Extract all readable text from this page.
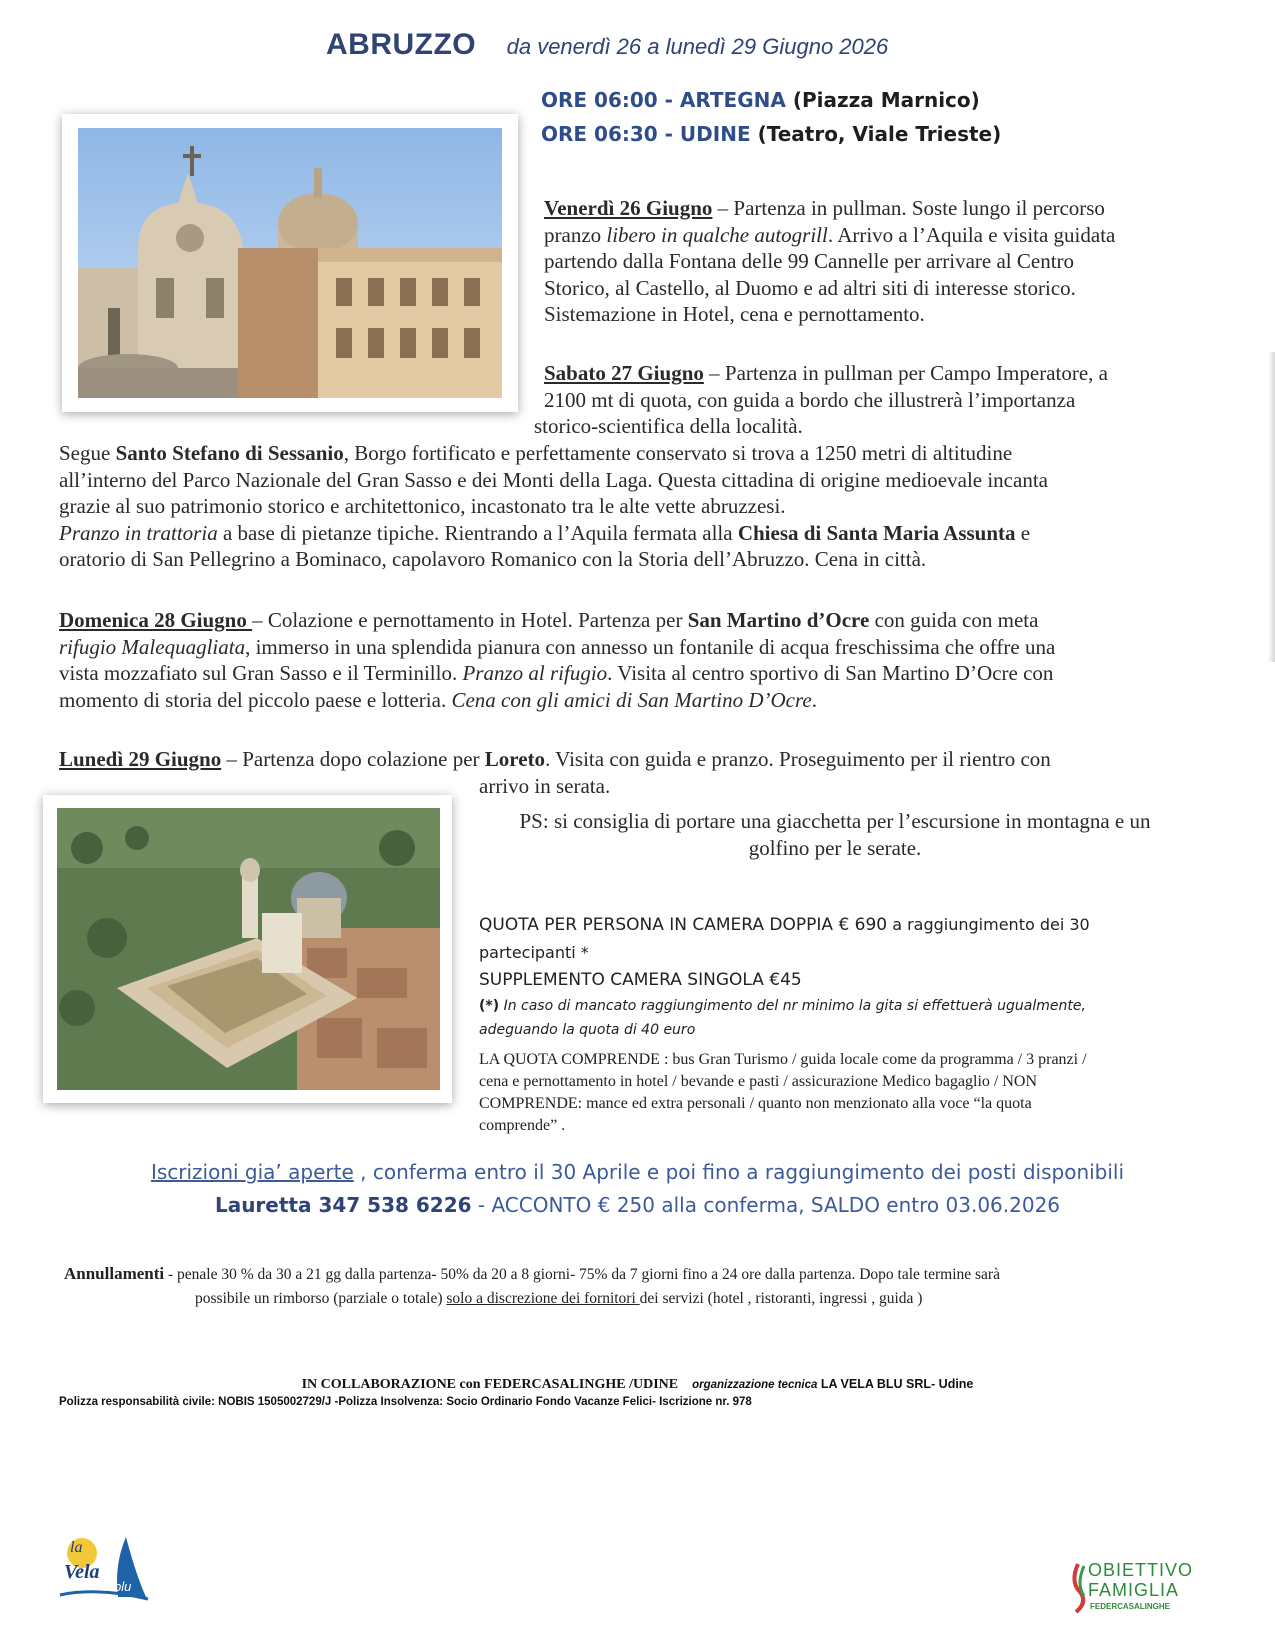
ABRUZZO da venerdì 26 a lunedì 29 Giugno 2026
ORE 06:00 - ARTEGNA (Piazza Marnico)
ORE 06:30 - UDINE (Teatro, Viale Trieste)
Venerdì 26 Giugno – Partenza in pullman. Soste lungo il percorso
pranzo libero in qualche autogrill. Arrivo a l’Aquila e visita guidata
partendo dalla Fontana delle 99 Cannelle per arrivare al Centro
Storico, al Castello, al Duomo e ad altri siti di interesse storico.
Sistemazione in Hotel, cena e pernottamento.
Sabato 27 Giugno – Partenza in pullman per Campo Imperatore, a
2100 mt di quota, con guida a bordo che illustrerà l’importanza
storico-scientifica della località.
Segue Santo Stefano di Sessanio, Borgo fortificato e perfettamente conservato si trova a 1250 metri di altitudine
all’interno del Parco Nazionale del Gran Sasso e dei Monti della Laga. Questa cittadina di origine medioevale incanta
grazie al suo patrimonio storico e architettonico, incastonato tra le alte vette abruzzesi.
Pranzo in trattoria a base di pietanze tipiche. Rientrando a l’Aquila fermata alla Chiesa di Santa Maria Assunta e
oratorio di San Pellegrino a Bominaco, capolavoro Romanico con la Storia dell’Abruzzo. Cena in città.
Domenica 28 Giugno – Colazione e pernottamento in Hotel. Partenza per San Martino d’Ocre con guida con meta
rifugio Malequagliata, immerso in una splendida pianura con annesso un fontanile di acqua freschissima che offre una
vista mozzafiato sul Gran Sasso e il Terminillo. Pranzo al rifugio. Visita al centro sportivo di San Martino D’Ocre con
momento di storia del piccolo paese e lotteria. Cena con gli amici di San Martino D’Ocre.
Lunedì 29 Giugno – Partenza dopo colazione per Loreto. Visita con guida e pranzo. Proseguimento per il rientro con
arrivo in serata.
PS: si consiglia di portare una giacchetta per l’escursione in montagna e un
golfino per le serate.
QUOTA PER PERSONA IN CAMERA DOPPIA € 690 a raggiungimento dei 30
partecipanti *
SUPPLEMENTO CAMERA SINGOLA €45
(*) In caso di mancato raggiungimento del nr minimo la gita si effettuerà ugualmente,
adeguando la quota di 40 euro
LA QUOTA COMPRENDE : bus Gran Turismo / guida locale come da programma / 3 pranzi /
cena e pernottamento in hotel / bevande e pasti / assicurazione Medico bagaglio / NON
COMPRENDE: mance ed extra personali / quanto non menzionato alla voce “la quota
comprende” .
Iscrizioni gia’ aperte , conferma entro il 30 Aprile e poi fino a raggiungimento dei posti disponibili
Lauretta 347 538 6226 - ACCONTO € 250 alla conferma, SALDO entro 03.06.2026
Annullamenti - penale 30 % da 30 a 21 gg dalla partenza- 50% da 20 a 8 giorni- 75% da 7 giorni fino a 24 ore dalla partenza. Dopo tale termine sarà
possibile un rimborso (parziale o totale) solo a discrezione dei fornitori dei servizi (hotel , ristoranti, ingressi , guida )
IN COLLABORAZIONE con FEDERCASALINGHE /UDINE organizzazione tecnica LA VELA BLU SRL- Udine
Polizza responsabilità civile: NOBIS 1505002729/J -Polizza Insolvenza: Socio Ordinario Fondo Vacanze Felici- Iscrizione nr. 978
la
Vela
blu
OBIETTIVO
FAMIGLIA
FEDERCASALINGHE
